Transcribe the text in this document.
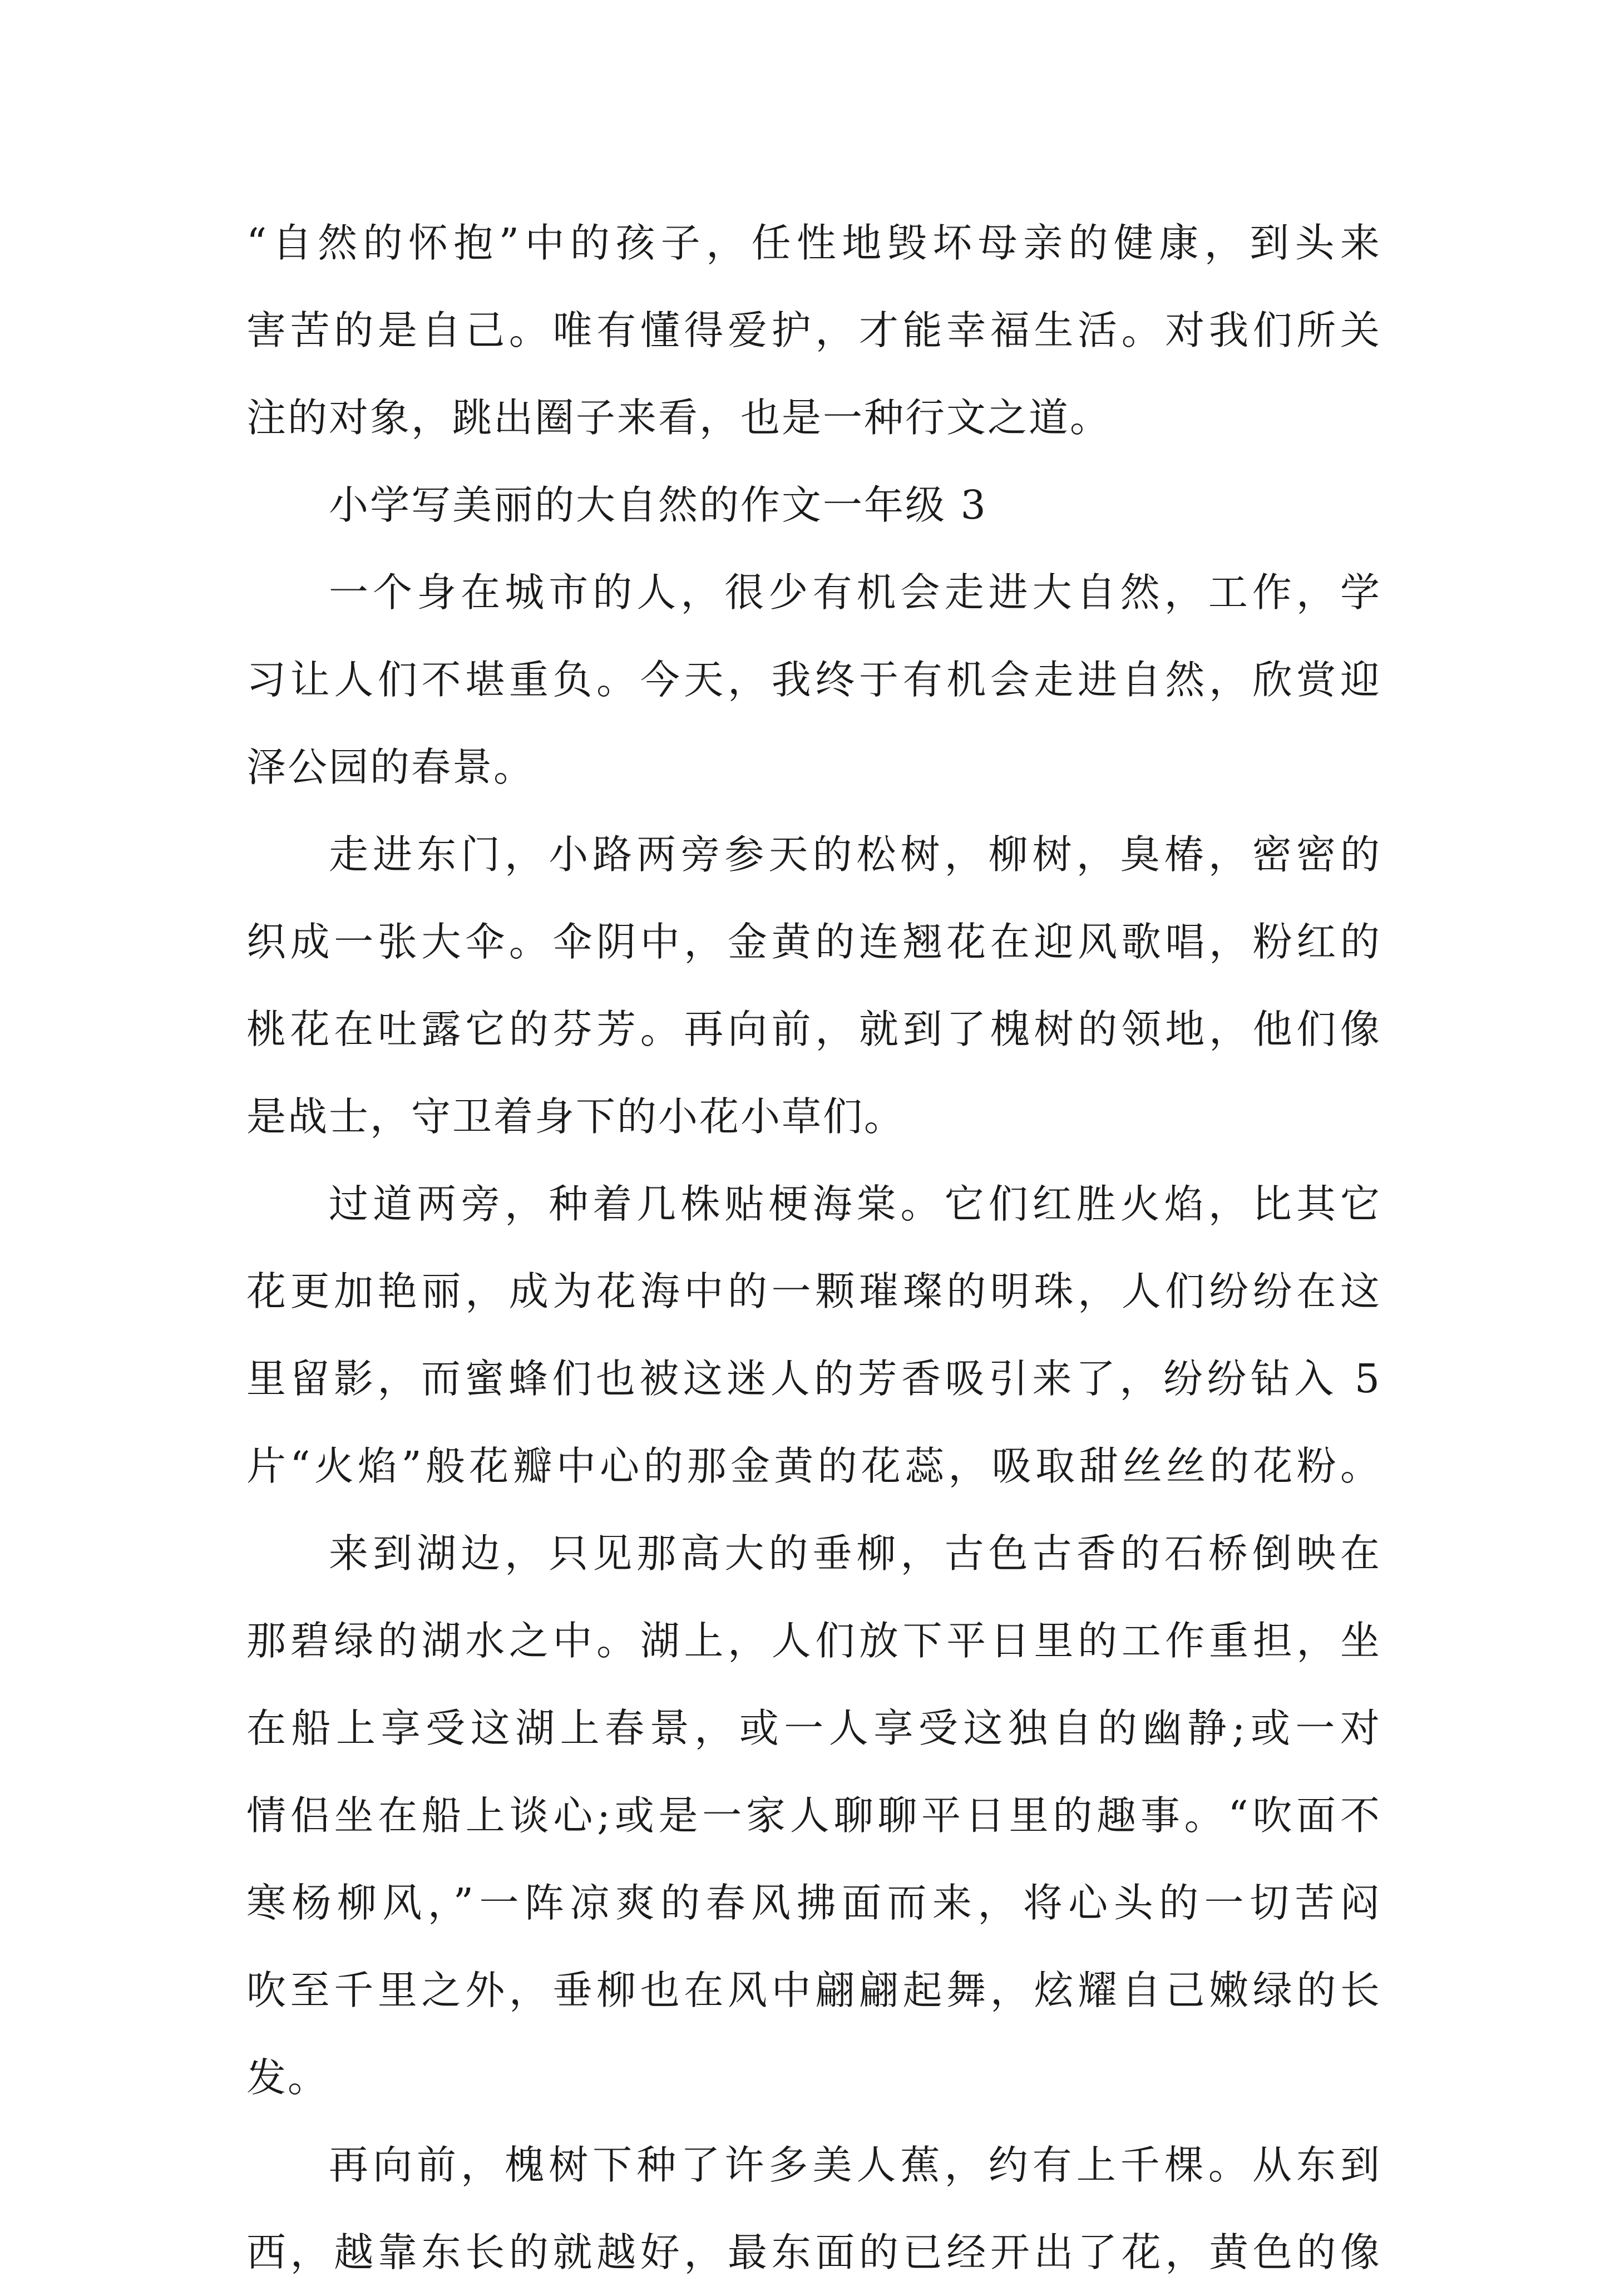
“自然的怀抱”中的孩子，任性地毁坏母亲的健康，到头来
害苦的是自己。唯有懂得爱护，才能幸福生活。对我们所关
注的对象，跳出圈子来看，也是一种行文之道。
小学写美丽的大自然的作文一年级 3
一个身在城市的人，很少有机会走进大自然，工作，学
习让人们不堪重负。今天，我终于有机会走进自然，欣赏迎
泽公园的春景。
走进东门，小路两旁参天的松树，柳树，臭椿，密密的
织成一张大伞。伞阴中，金黄的连翘花在迎风歌唱，粉红的
桃花在吐露它的芬芳。再向前，就到了槐树的领地，他们像
是战士，守卫着身下的小花小草们。
过道两旁，种着几株贴梗海棠。它们红胜火焰，比其它
花更加艳丽，成为花海中的一颗璀璨的明珠，人们纷纷在这
里留影，而蜜蜂们也被这迷人的芳香吸引来了，纷纷钻入 5
片“火焰”般花瓣中心的那金黄的花蕊，吸取甜丝丝的花粉。
来到湖边，只见那高大的垂柳，古色古香的石桥倒映在
那碧绿的湖水之中。湖上，人们放下平日里的工作重担，坐
在船上享受这湖上春景，或一人享受这独自的幽静;或一对
情侣坐在船上谈心;或是一家人聊聊平日里的趣事。“吹面不
寒杨柳风，”一阵凉爽的春风拂面而来，将心头的一切苦闷
吹至千里之外，垂柳也在风中翩翩起舞，炫耀自己嫩绿的长
发。
再向前，槐树下种了许多美人蕉，约有上千棵。从东到
西，越靠东长的就越好，最东面的已经开出了花，黄色的像
